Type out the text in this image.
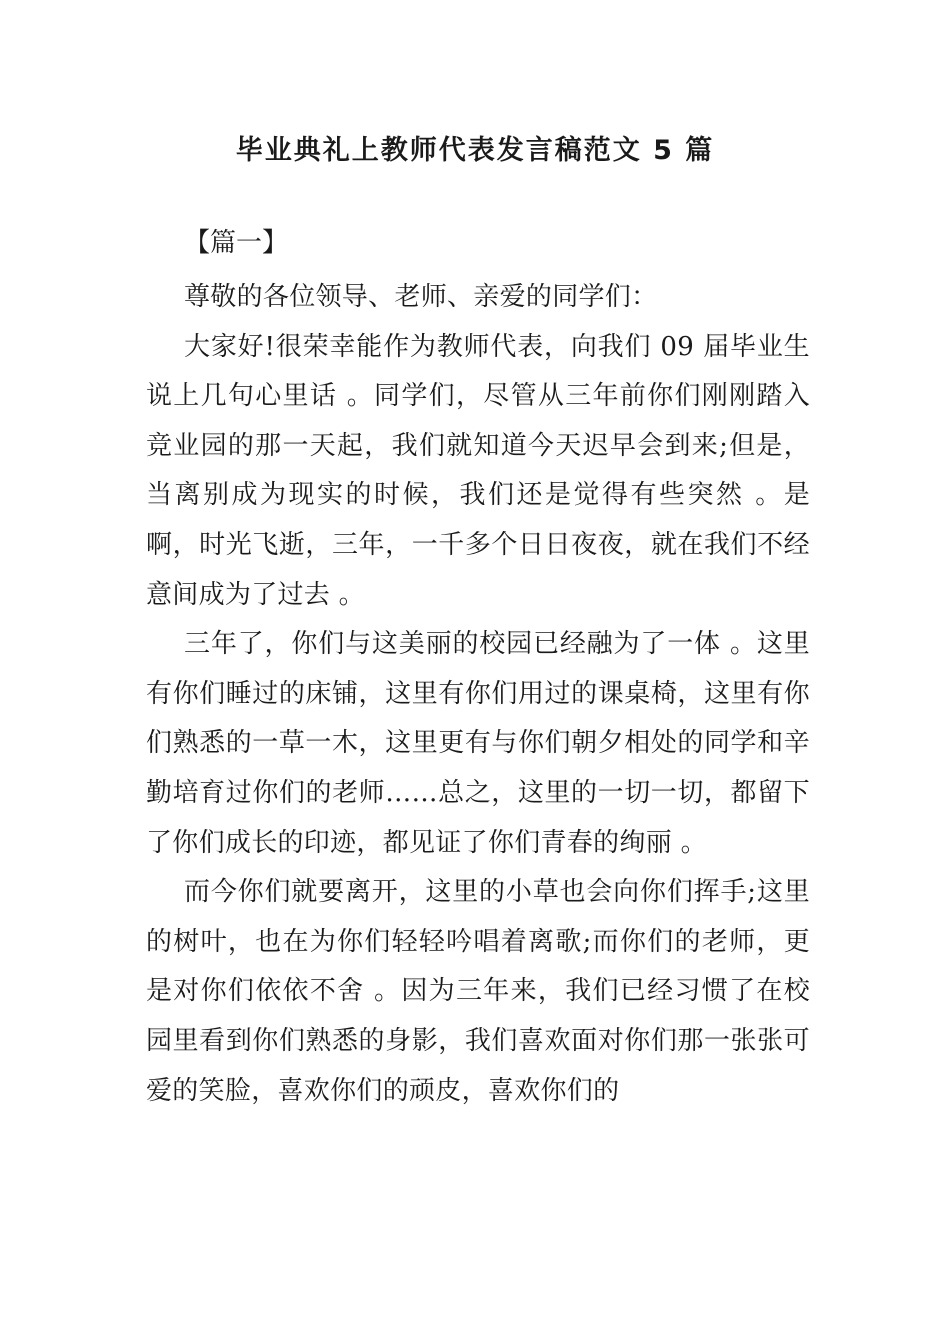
毕业典礼上教师代表发言稿范文 5 篇

【篇一】

尊敬的各位领导、老师、亲爱的同学们：

大家好!很荣幸能作为教师代表，向我们 09 届毕业生说上几句心里话 。同学们，尽管从三年前你们刚刚踏入竞业园的那一天起，我们就知道今天迟早会到来;但是，当离别成为现实的时候，我们还是觉得有些突然 。是啊，时光飞逝，三年，一千多个日日夜夜，就在我们不经意间成为了过去 。

三年了，你们与这美丽的校园已经融为了一体 。这里有你们睡过的床铺，这里有你们用过的课桌椅，这里有你们熟悉的一草一木，这里更有与你们朝夕相处的同学和辛勤培育过你们的老师……总之，这里的一切一切，都留下了你们成长的印迹，都见证了你们青春的绚丽 。

而今你们就要离开，这里的小草也会向你们挥手;这里的树叶，也在为你们轻轻吟唱着离歌;而你们的老师，更是对你们依依不舍 。因为三年来，我们已经习惯了在校园里看到你们熟悉的身影，我们喜欢面对你们那一张张可爱的笑脸，喜欢你们的顽皮，喜欢你们的
